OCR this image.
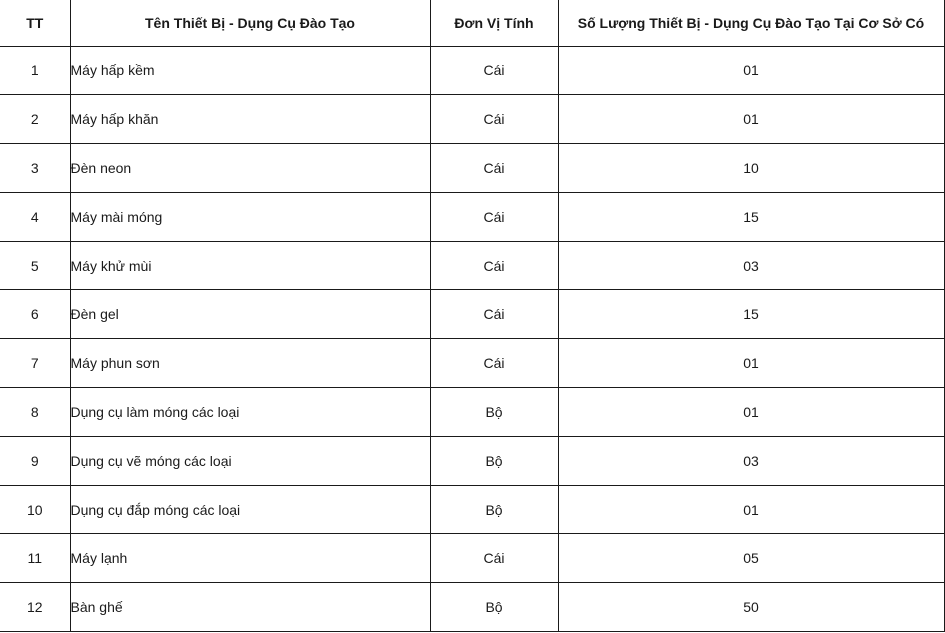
TT	Tên Thiết Bị - Dụng Cụ Đào Tạo	Đơn Vị Tính	Số Lượng Thiết Bị - Dụng Cụ Đào Tạo Tại Cơ Sở Có
1	Máy hấp kềm	Cái	01
2	Máy hấp khăn	Cái	01
3	Đèn neon	Cái	10
4	Máy mài móng	Cái	15
5	Máy khử mùi	Cái	03
6	Đèn gel	Cái	15
7	Máy phun sơn	Cái	01
8	Dụng cụ làm móng các loại	Bộ	01
9	Dụng cụ vẽ móng các loại	Bộ	03
10	Dụng cụ đắp móng các loại	Bộ	01
11	Máy lạnh	Cái	05
12	Bàn ghế	Bộ	50
